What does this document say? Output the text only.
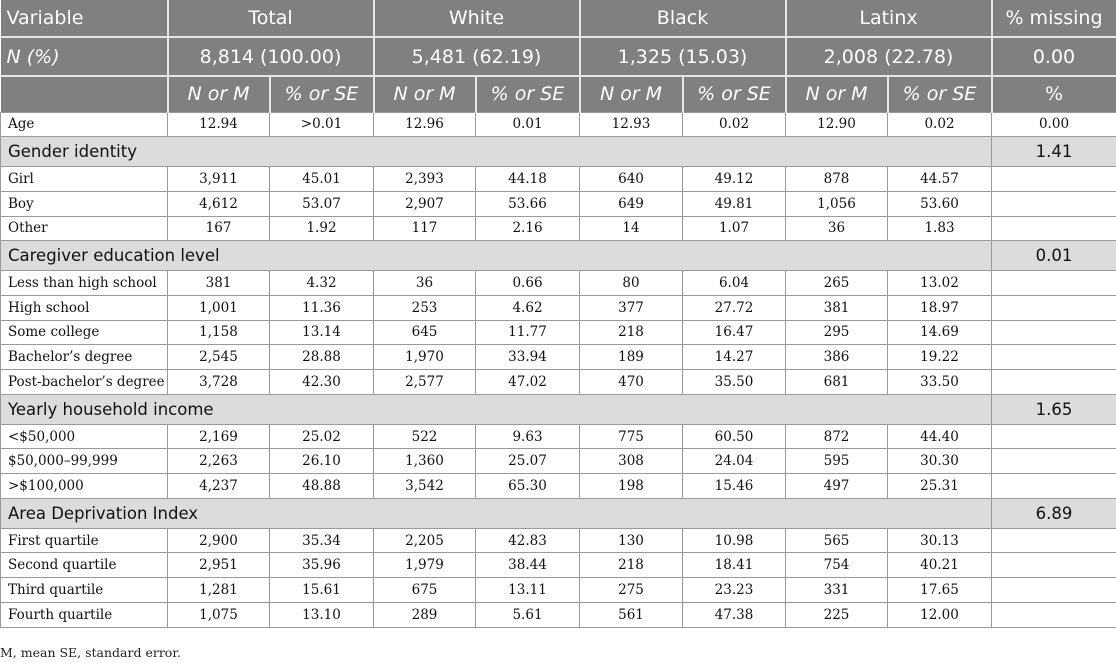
Variable	Total		White		Black		Latinx		% missing
N (%)	8,814 (100.00)		5,481 (62.19)		1,325 (15.03)		2,008 (22.78)		0.00
	N or M	% or SE	N or M	% or SE	N or M	% or SE	N or M	% or SE	%
Age	12.94	>0.01	12.96	0.01	12.93	0.02	12.90	0.02	0.00
Gender identity									1.41
Girl	3,911	45.01	2,393	44.18	640	49.12	878	44.57	
Boy	4,612	53.07	2,907	53.66	649	49.81	1,056	53.60	
Other	167	1.92	117	2.16	14	1.07	36	1.83	
Caregiver education level									0.01
Less than high school	381	4.32	36	0.66	80	6.04	265	13.02	
High school	1,001	11.36	253	4.62	377	27.72	381	18.97	
Some college	1,158	13.14	645	11.77	218	16.47	295	14.69	
Bachelor’s degree	2,545	28.88	1,970	33.94	189	14.27	386	19.22	
Post-bachelor’s degree	3,728	42.30	2,577	47.02	470	35.50	681	33.50	
Yearly household income									1.65
<$50,000	2,169	25.02	522	9.63	775	60.50	872	44.40	
$50,000–99,999	2,263	26.10	1,360	25.07	308	24.04	595	30.30	
>$100,000	4,237	48.88	3,542	65.30	198	15.46	497	25.31	
Area Deprivation Index									6.89
First quartile	2,900	35.34	2,205	42.83	130	10.98	565	30.13	
Second quartile	2,951	35.96	1,979	38.44	218	18.41	754	40.21	
Third quartile	1,281	15.61	675	13.11	275	23.23	331	17.65	
Fourth quartile	1,075	13.10	289	5.61	561	47.38	225	12.00	
M, mean SE, standard error.
